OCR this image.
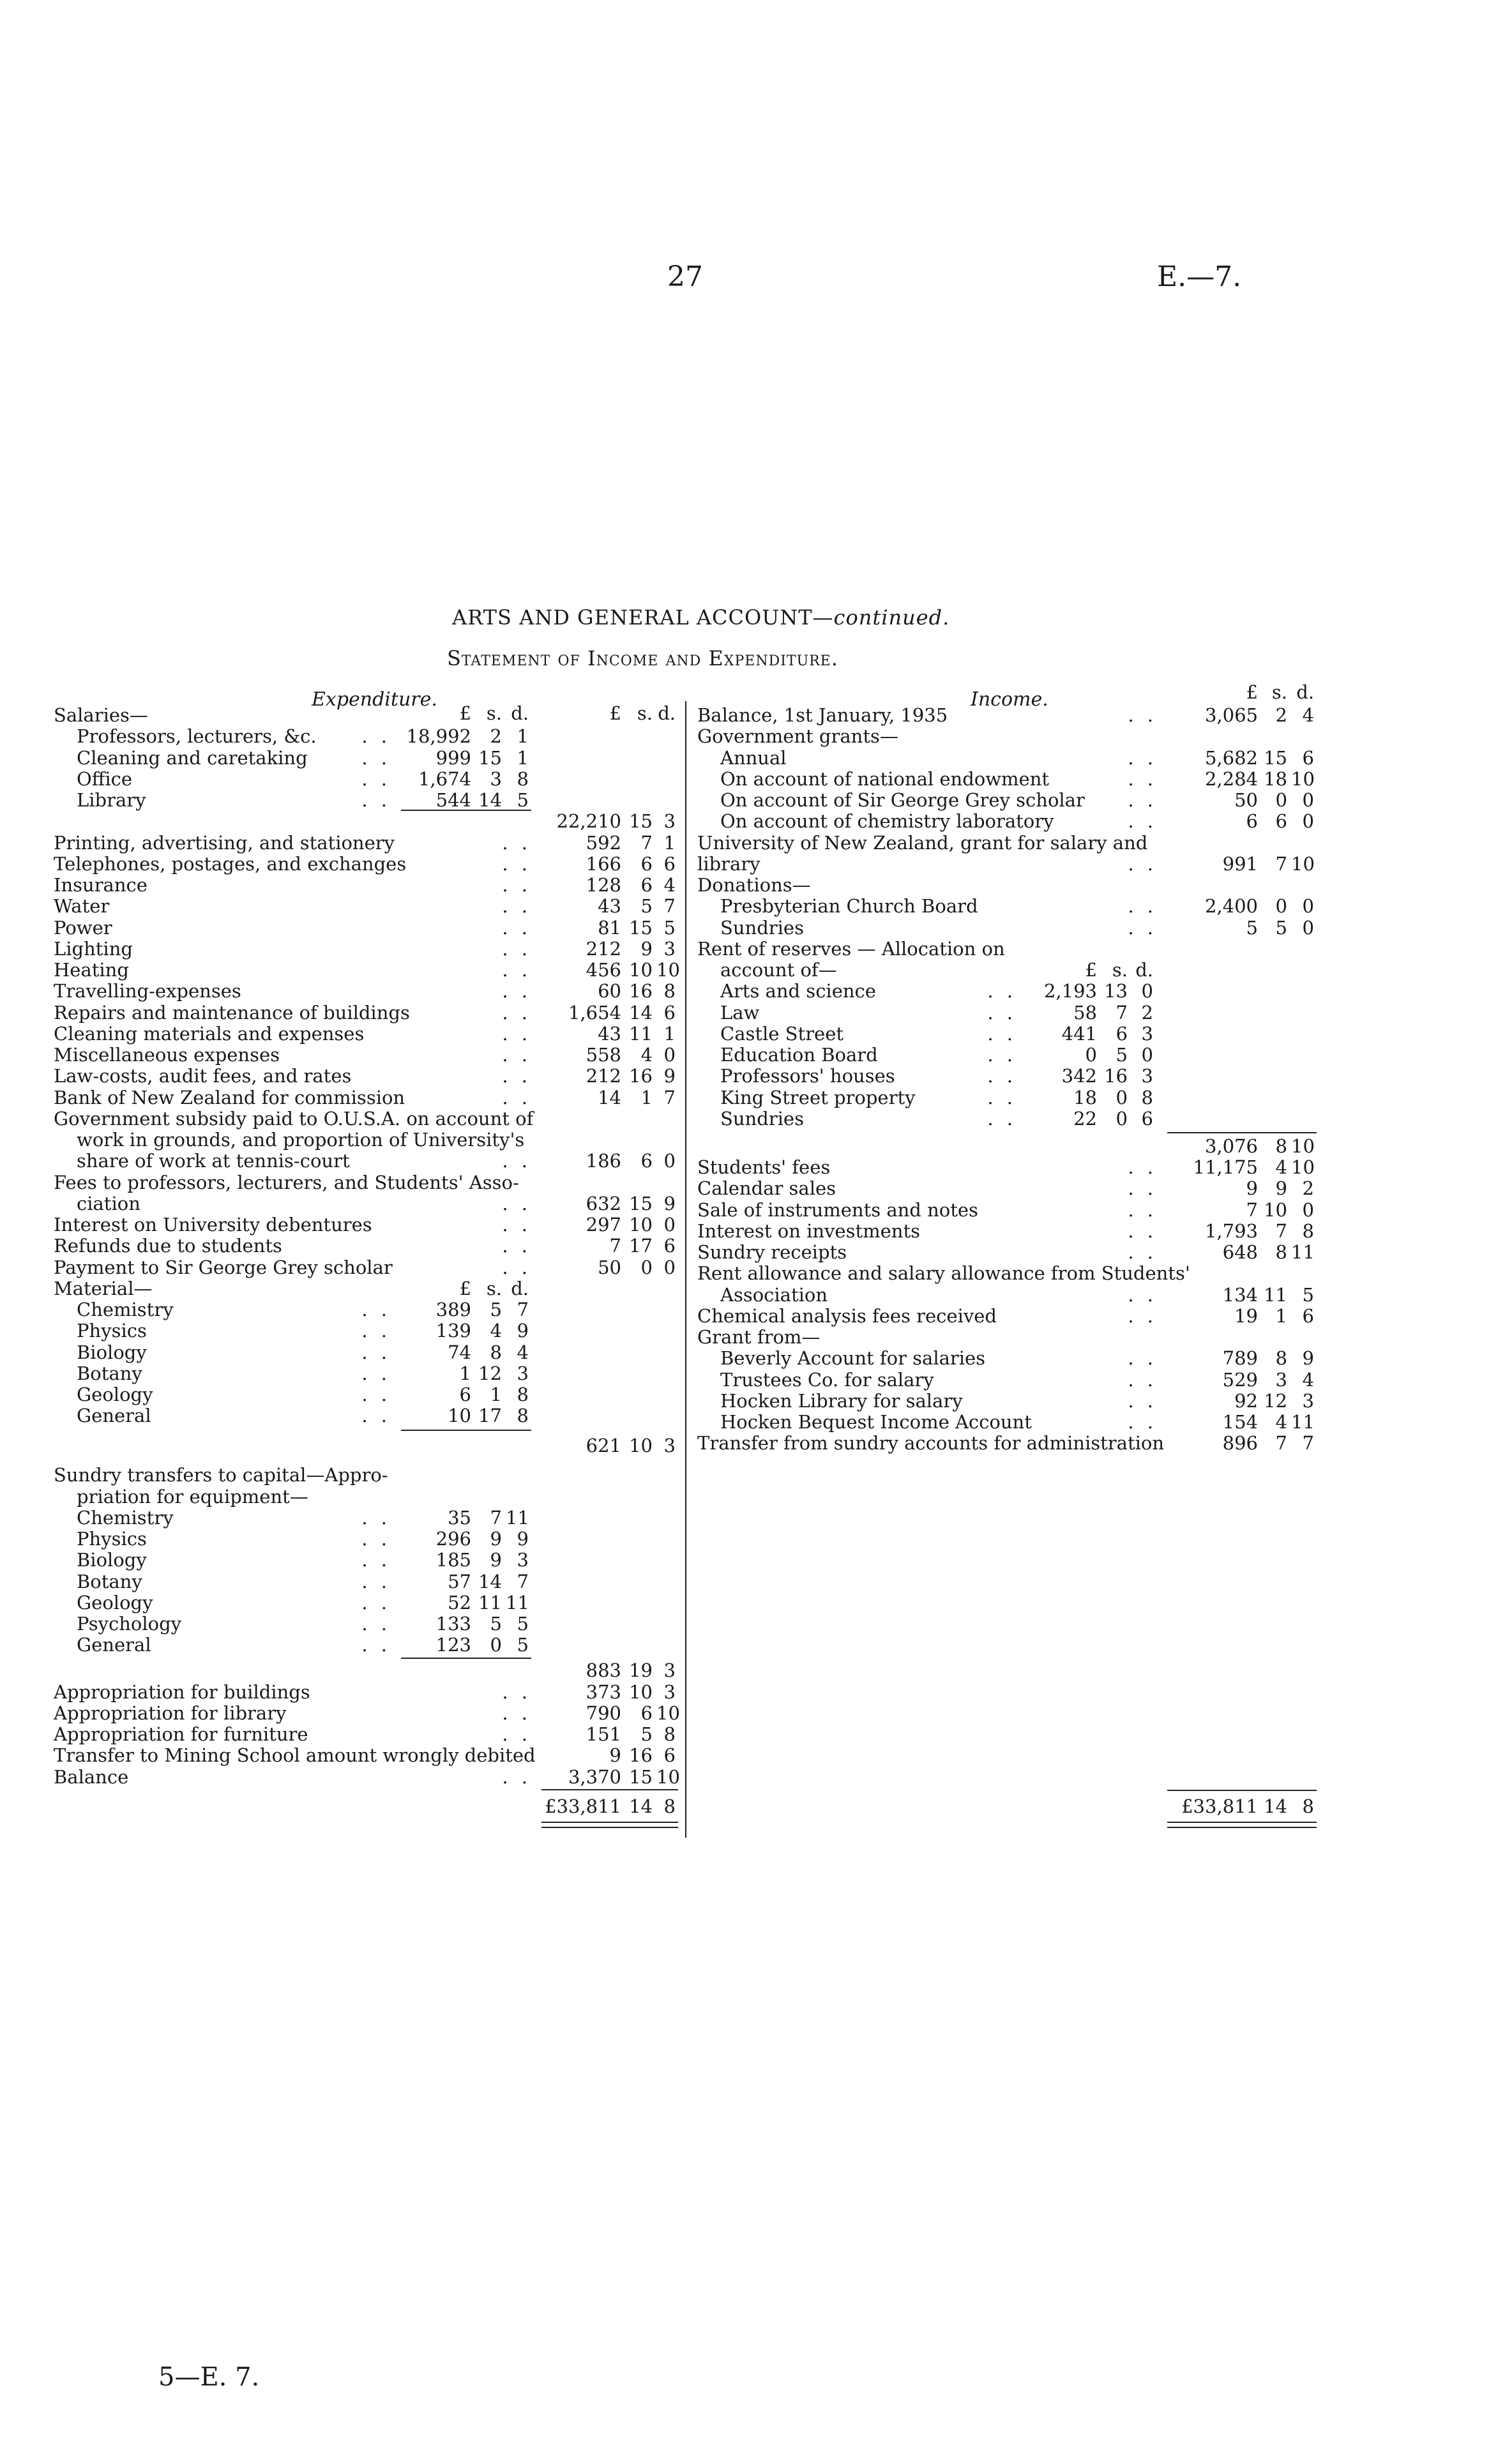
27	E.—7.
ARTS AND GENERAL ACCOUNT—continued.
Statement of Income and Expenditure.
Expenditure.	Income.
£ s. d.	£ s. d.
Salaries—
Professors, lecturers, &c. . . 18,992	2 1
Cleaning and caretaking	. .	999 15 1
Office	. .	1,674	3 8
Library	. .	544 14 5
22,210 15 3
Printing, advertising, and stationery	. .	592	7 1
Telephones, postages, and exchanges	. .	166	6 6
Insurance	. .	128	6 4
Water	. .	43	5 7
Power	. .	81 15 5
Lighting	. .	212	9 3
Heating	. .	456 10 10
Travelling-expenses	. .	60 16 8
Repairs and maintenance of buildings	. .	1,654 14 6
Cleaning materials and expenses	. .	43 11 1
Miscellaneous expenses	. .	558	4 0
Law-costs, audit fees, and rates	. .	212 16 9
Bank of New Zealand for commission	. .	14	1 7
Government subsidy paid to O.U.S.A. on account of
work in grounds, and proportion of University's
share of work at tennis-court	. .	186	6 0
Fees to professors, lecturers, and Students' Asso-
ciation	. .	632 15 9
Interest on University debentures	. .	297 10 0
Refunds due to students	. .	7 17 6
Payment to Sir George Grey scholar	. .	50	0 0
Material—	£ s. d.
Chemistry	. .	389	5 7
Physics	. .	139	4 9
Biology	. .	74	8 4
Botany	. .	1 12 3
Geology	. .	6	1 8
General	. .	10 17 8
621 10 3
Sundry transfers to capital—Appro-
priation for equipment—
Chemistry	. .	35	7 11
Physics	. .	296	9 9
Biology	. .	185	9 3
Botany	. .	57 14 7
Geology	. .	52 11 11
Psychology	. .	133	5 5
General	. .	123	0 5
883 19 3
Appropriation for buildings	. .	373 10 3
Appropriation for library	. .	790	6 10
Appropriation for furniture	. .	151	5 8
Transfer to Mining School amount wrongly debited	9 16 6
Balance	. .	3,370 15 10
£33,811 14 8
£ s. d.
Balance, 1st January, 1935	. .	3,065 2 4
Government grants—
Annual	. .	5,682 15 6
On account of national endowment	. .	2,284 18 10
On account of Sir George Grey scholar . .	50 0 0
On account of chemistry laboratory	. .	6 6 0
University of New Zealand, grant for salary and
library	. .	991 7 10
Donations—
Presbyterian Church Board	. .	2,400 0 0
Sundries	. .	5 5 0
Rent of reserves — Allocation on
account of—	£ s. d.
Arts and science	. .	2,193 13 0
Law	. .	58	7 2
Castle Street	. .	441	6 3
Education Board	. .	0	5 0
Professors' houses	. .	342 16 3
King Street property	. .	18	0 8
Sundries	. .	22	0 6
3,076 8 10
Students' fees	. .	11,175 4 10
Calendar sales	. .	9 9 2
Sale of instruments and notes	. .	7 10 0
Interest on investments	. .	1,793 7 8
Sundry receipts	. .	648 8 11
Rent allowance and salary allowance from Students'
Association	. .	134 11 5
Chemical analysis fees received	. .	19 1 6
Grant from—
Beverly Account for salaries	. .	789 8 9
Trustees Co. for salary	. .	529 3 4
Hocken Library for salary	. .	92 12 3
Hocken Bequest Income Account	. .	154 4 11
Transfer from sundry accounts for administration	896 7 7
£33,811 14 8
5—E. 7.
